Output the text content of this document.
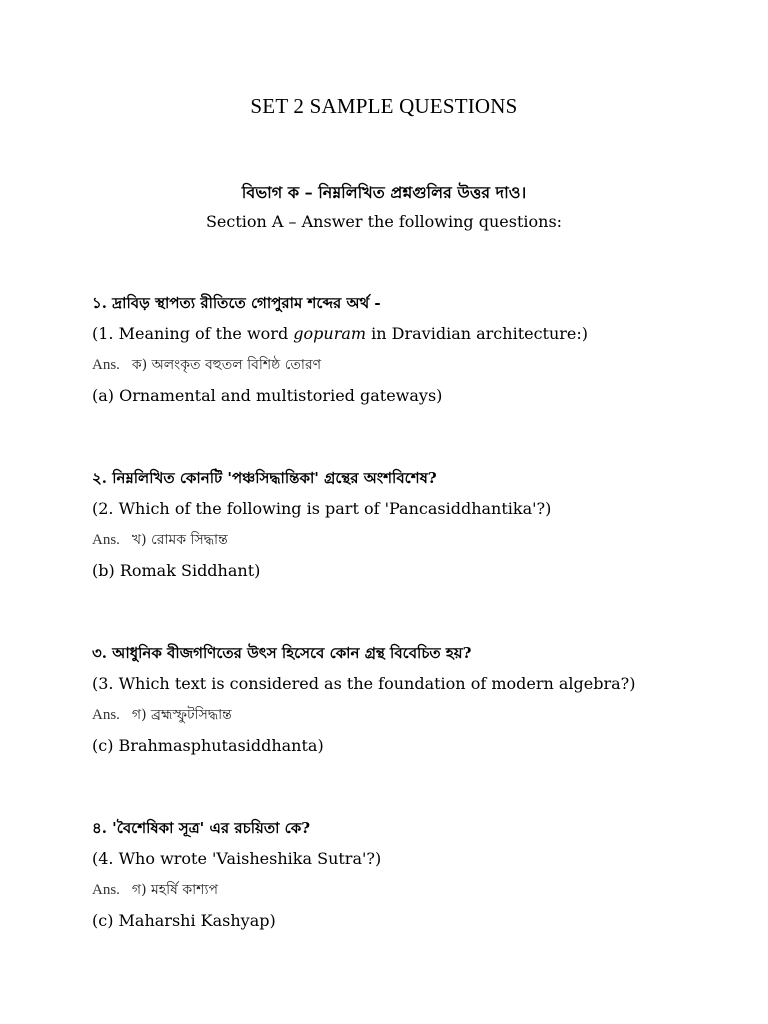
SET 2 SAMPLE QUESTIONS
বিভাগ ক – নিম্নলিখিত প্রশ্নগুলির উত্তর দাও।
Section A – Answer the following questions:
১. দ্রাবিড় স্থাপত্য রীতিতে গোপুরাম শব্দের অর্থ -
(1. Meaning of the word gopuram in Dravidian architecture:)
Ans. ক) অলংকৃত বহুতল বিশিষ্ঠ তোরণ
(a) Ornamental and multistoried gateways)
২. নিম্নলিখিত কোনটি 'পঞ্চসিদ্ধান্তিকা' গ্রন্থের অংশবিশেষ?
(2. Which of the following is part of 'Pancasiddhantika'?)
Ans. খ) রোমক সিদ্ধান্ত
(b) Romak Siddhant)
৩. আধুনিক বীজগণিতের উৎস হিসেবে কোন গ্রন্থ বিবেচিত হয়?
(3. Which text is considered as the foundation of modern algebra?)
Ans. গ) ব্রহ্মস্ফুটসিদ্ধান্ত
(c) Brahmasphutasiddhanta)
৪. 'বৈশেষিকা সূত্র' এর রচয়িতা কে?
(4. Who wrote 'Vaisheshika Sutra'?)
Ans. গ) মহর্ষি কাশ্যপ
(c) Maharshi Kashyap)
